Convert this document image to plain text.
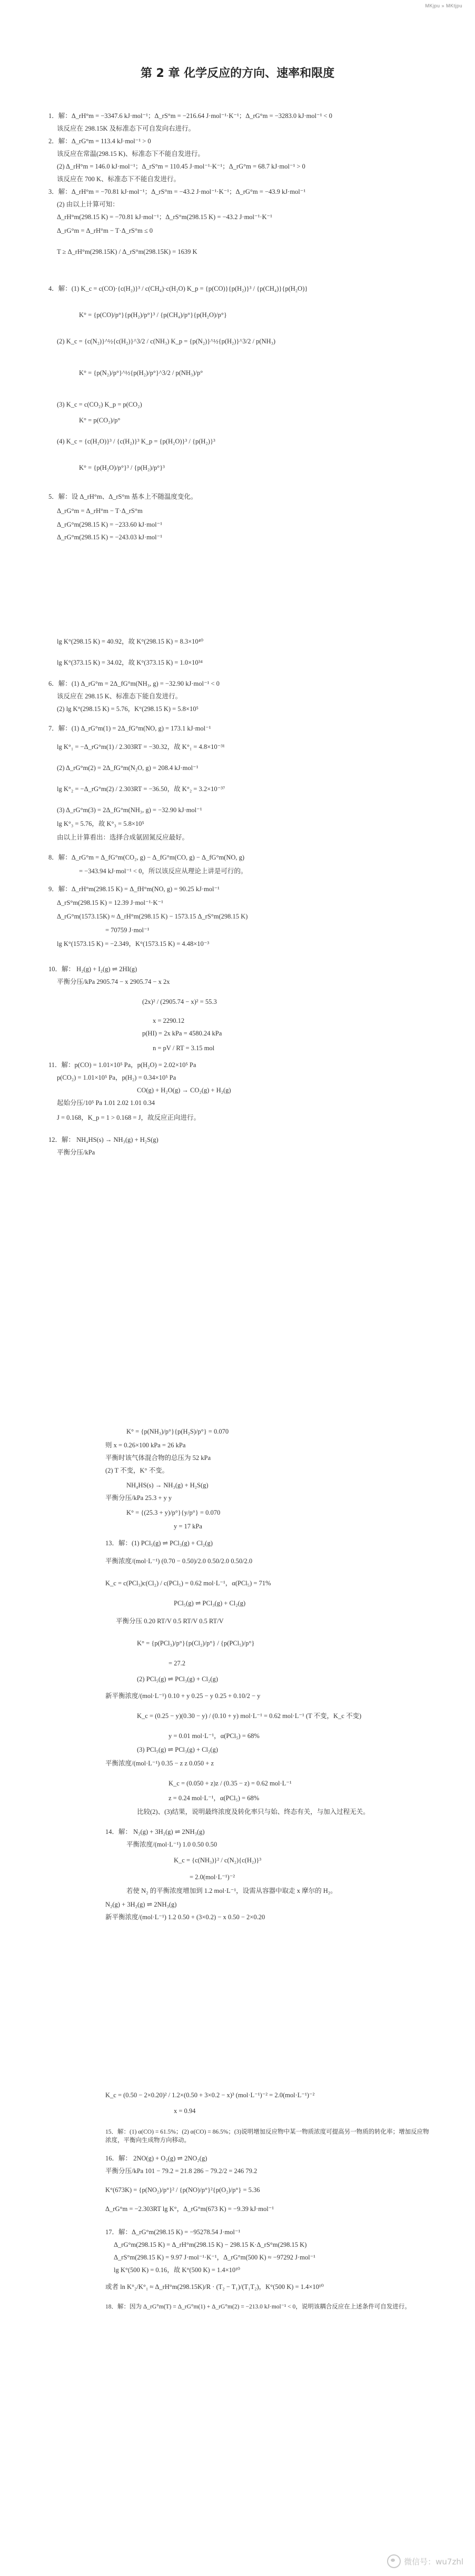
MKjpu » MKtjpu
第 2 章 化学反应的方向、速率和限度
1．解：Δ_rH°m = −3347.6 kJ·mol⁻¹；Δ_rS°m = −216.64 J·mol⁻¹·K⁻¹；Δ_rG°m = −3283.0 kJ·mol⁻¹ < 0
该反应在 298.15K 及标准态下可自发向右进行。
2．解：Δ_rG°m = 113.4 kJ·mol⁻¹ > 0
该反应在常温(298.15 K)、标准态下不能自发进行。
(2) Δ_rH°m = 146.0 kJ·mol⁻¹；Δ_rS°m = 110.45 J·mol⁻¹·K⁻¹；Δ_rG°m = 68.7 kJ·mol⁻¹ > 0
该反应在 700 K、标准态下不能自发进行。
3．解：Δ_rH°m = −70.81 kJ·mol⁻¹；Δ_rS°m = −43.2 J·mol⁻¹·K⁻¹；Δ_rG°m = −43.9 kJ·mol⁻¹
(2) 由以上计算可知：
Δ_rH°m(298.15 K) = −70.81 kJ·mol⁻¹；Δ_rS°m(298.15 K) = −43.2 J·mol⁻¹·K⁻¹
Δ_rG°m = Δ_rH°m − T·Δ_rS°m ≤ 0
T ≥ Δ_rH°m(298.15K) / Δ_rS°m(298.15K) = 1639 K
4．解：(1) K_c = c(CO)·{c(H₂)}³ / c(CH₄)·c(H₂O) K_p = {p(CO)}{p(H₂)}³ / {p(CH₄)}{p(H₂O)}
K° = {p(CO)/p°}{p(H₂)/p°}³ / {p(CH₄)/p°}{p(H₂O)/p°}
(2) K_c = {c(N₂)}^½{c(H₂)}^3/2 / c(NH₃) K_p = {p(N₂)}^½{p(H₂)}^3/2 / p(NH₃)
K° = {p(N₂)/p°}^½{p(H₂)/p°}^3/2 / p(NH₃)/p°
(3) K_c = c(CO₂) K_p = p(CO₂)
K° = p(CO₂)/p°
(4) K_c = {c(H₂O)}³ / {c(H₂)}³ K_p = {p(H₂O)}³ / {p(H₂)}³
K° = {p(H₂O)/p°}³ / {p(H₂)/p°}³
5．解：设 Δ_rH°m、Δ_rS°m 基本上不随温度变化。
Δ_rG°m = Δ_rH°m − T·Δ_rS°m
Δ_rG°m(298.15 K) = −233.60 kJ·mol⁻¹
Δ_rG°m(298.15 K) = −243.03 kJ·mol⁻¹
lg K°(298.15 K) = 40.92，故 K°(298.15 K) = 8.3×10⁴⁰
lg K°(373.15 K) = 34.02，故 K°(373.15 K) = 1.0×10³⁴
6．解：(1) Δ_rG°m = 2Δ_fG°m(NH₃, g) = −32.90 kJ·mol⁻¹ < 0
该反应在 298.15 K、标准态下能自发进行。
(2) lg K°(298.15 K) = 5.76，K°(298.15 K) = 5.8×10⁵
7．解：(1) Δ_rG°m(1) = 2Δ_fG°m(NO, g) = 173.1 kJ·mol⁻¹
lg K°₁ = −Δ_rG°m(1) / 2.303RT = −30.32，故 K°₁ = 4.8×10⁻³¹
(2) Δ_rG°m(2) = 2Δ_fG°m(N₂O, g) = 208.4 kJ·mol⁻¹
lg K°₂ = −Δ_rG°m(2) / 2.303RT = −36.50，故 K°₂ = 3.2×10⁻³⁷
(3) Δ_rG°m(3) = 2Δ_fG°m(NH₃, g) = −32.90 kJ·mol⁻¹
lg K°₃ = 5.76，故 K°₃ = 5.8×10⁵
由以上计算看出：选择合成氨固氮反应最好。
8．解：Δ_rG°m = Δ_fG°m(CO₂, g) − Δ_fG°m(CO, g) − Δ_fG°m(NO, g)
= −343.94 kJ·mol⁻¹ < 0，所以该反应从理论上讲是可行的。
9．解：Δ_rH°m(298.15 K) = Δ_fH°m(NO, g) = 90.25 kJ·mol⁻¹
Δ_rS°m(298.15 K) = 12.39 J·mol⁻¹·K⁻¹
Δ_rG°m(1573.15K) ≈ Δ_rH°m(298.15 K) − 1573.15 Δ_rS°m(298.15 K)
= 70759 J·mol⁻¹
lg K°(1573.15 K) = −2.349，K°(1573.15 K) = 4.48×10⁻³
10．解： H₂(g) + I₂(g) ⇌ 2HI(g)
平衡分压/kPa 2905.74 − x 2905.74 − x 2x
(2x)² / (2905.74 − x)² = 55.3
x = 2290.12
p(HI) = 2x kPa = 4580.24 kPa
n = pV / RT = 3.15 mol
11．解：p(CO) = 1.01×10⁵ Pa，p(H₂O) = 2.02×10⁵ Pa
p(CO₂) = 1.01×10⁵ Pa，p(H₂) = 0.34×10⁵ Pa
CO(g) + H₂O(g) → CO₂(g) + H₂(g)
起始分压/10⁵ Pa 1.01 2.02 1.01 0.34
J = 0.168，K_p = 1 > 0.168 = J，故反应正向进行。
12．解： NH₄HS(s) → NH₃(g) + H₂S(g)
平衡分压/kPa
K° = {p(NH₃)/p°}{p(H₂S)/p°} = 0.070
则 x = 0.26×100 kPa = 26 kPa
平衡时该气体混合物的总压为 52 kPa
(2) T 不变，K° 不变。
NH₄HS(s) → NH₃(g) + H₂S(g)
平衡分压/kPa 25.3 + y y
K° = {(25.3 + y)/p°}{y/p°} = 0.070
y = 17 kPa
13．解：(1) PCl₅(g) ⇌ PCl₃(g) + Cl₂(g)
平衡浓度/(mol·L⁻¹) (0.70 − 0.50)/2.0 0.50/2.0 0.50/2.0
K_c = c(PCl₃)c(Cl₂) / c(PCl₅) = 0.62 mol·L⁻¹，α(PCl₅) = 71%
PCl₅(g) ⇌ PCl₃(g) + Cl₂(g)
平衡分压 0.20 RT/V 0.5 RT/V 0.5 RT/V
K° = {p(PCl₃)/p°}{p(Cl₂)/p°} / {p(PCl₅)/p°}
= 27.2
(2) PCl₅(g) ⇌ PCl₃(g) + Cl₂(g)
新平衡浓度/(mol·L⁻¹) 0.10 + y 0.25 − y 0.25 + 0.10/2 − y
K_c = (0.25 − y)(0.30 − y) / (0.10 + y) mol·L⁻¹ = 0.62 mol·L⁻¹ (T 不变，K_c 不变)
y = 0.01 mol·L⁻¹，α(PCl₅) = 68%
(3) PCl₅(g) ⇌ PCl₃(g) + Cl₂(g)
平衡浓度/(mol·L⁻¹) 0.35 − z z 0.050 + z
K_c = (0.050 + z)z / (0.35 − z) = 0.62 mol·L⁻¹
z = 0.24 mol·L⁻¹，α(PCl₅) = 68%
比较(2)、(3)结果，说明最终浓度及转化率只与始、终态有关，与加入过程无关。
14．解： N₂(g) + 3H₂(g) ⇌ 2NH₃(g)
平衡浓度/(mol·L⁻¹) 1.0 0.50 0.50
K_c = {c(NH₃)}² / c(N₂){c(H₂)}³
= 2.0(mol·L⁻¹)⁻²
若使 N₂ 的平衡浓度增加到 1.2 mol·L⁻¹，设需从容器中取走 x 摩尔的 H₂。
N₂(g) + 3H₂(g) ⇌ 2NH₃(g)
新平衡浓度/(mol·L⁻¹) 1.2 0.50 + (3×0.2) − x 0.50 − 2×0.20
K_c = (0.50 − 2×0.20)² / 1.2×(0.50 + 3×0.2 − x)³ (mol·L⁻¹)⁻² = 2.0(mol·L⁻¹)⁻²
x = 0.94
15．解：(1) α(CO) = 61.5%；(2) α(CO) = 86.5%；(3)说明增加反应物中某一物质浓度可提高另一物质的转化率；增加反应物浓度，平衡向生成物方向移动。
16．解： 2NO(g) + O₂(g) ⇌ 2NO₂(g)
平衡分压/kPa 101 − 79.2 = 21.8 286 − 79.2/2 = 246 79.2
K°(673K) = {p(NO₂)/p°}² / {p(NO)/p°}²{p(O₂)/p°} = 5.36
Δ_rG°m = −2.303RT lg K°，Δ_rG°m(673 K) = −9.39 kJ·mol⁻¹
17．解：Δ_rG°m(298.15 K) = −95278.54 J·mol⁻¹
Δ_rG°m(298.15 K) = Δ_rH°m(298.15 K) − 298.15 K·Δ_rS°m(298.15 K)
Δ_rS°m(298.15 K) = 9.97 J·mol⁻¹·K⁻¹，Δ_rG°m(500 K) ≈ −97292 J·mol⁻¹
lg K°(500 K) = 0.16，故 K°(500 K) = 1.4×10¹⁰
或者 ln K°₂/K°₁ ≈ Δ_rH°m(298.15K)/R · (T₂ − T₁)/(T₁T₂)，K°(500 K) = 1.4×10¹⁰
18．解：因为 Δ_rG°m(T) = Δ_rG°m(1) + Δ_rG°m(2) = −213.0 kJ·mol⁻¹ < 0，说明该耦合反应在上述条件可自发进行。
微信号：wu7zhl
